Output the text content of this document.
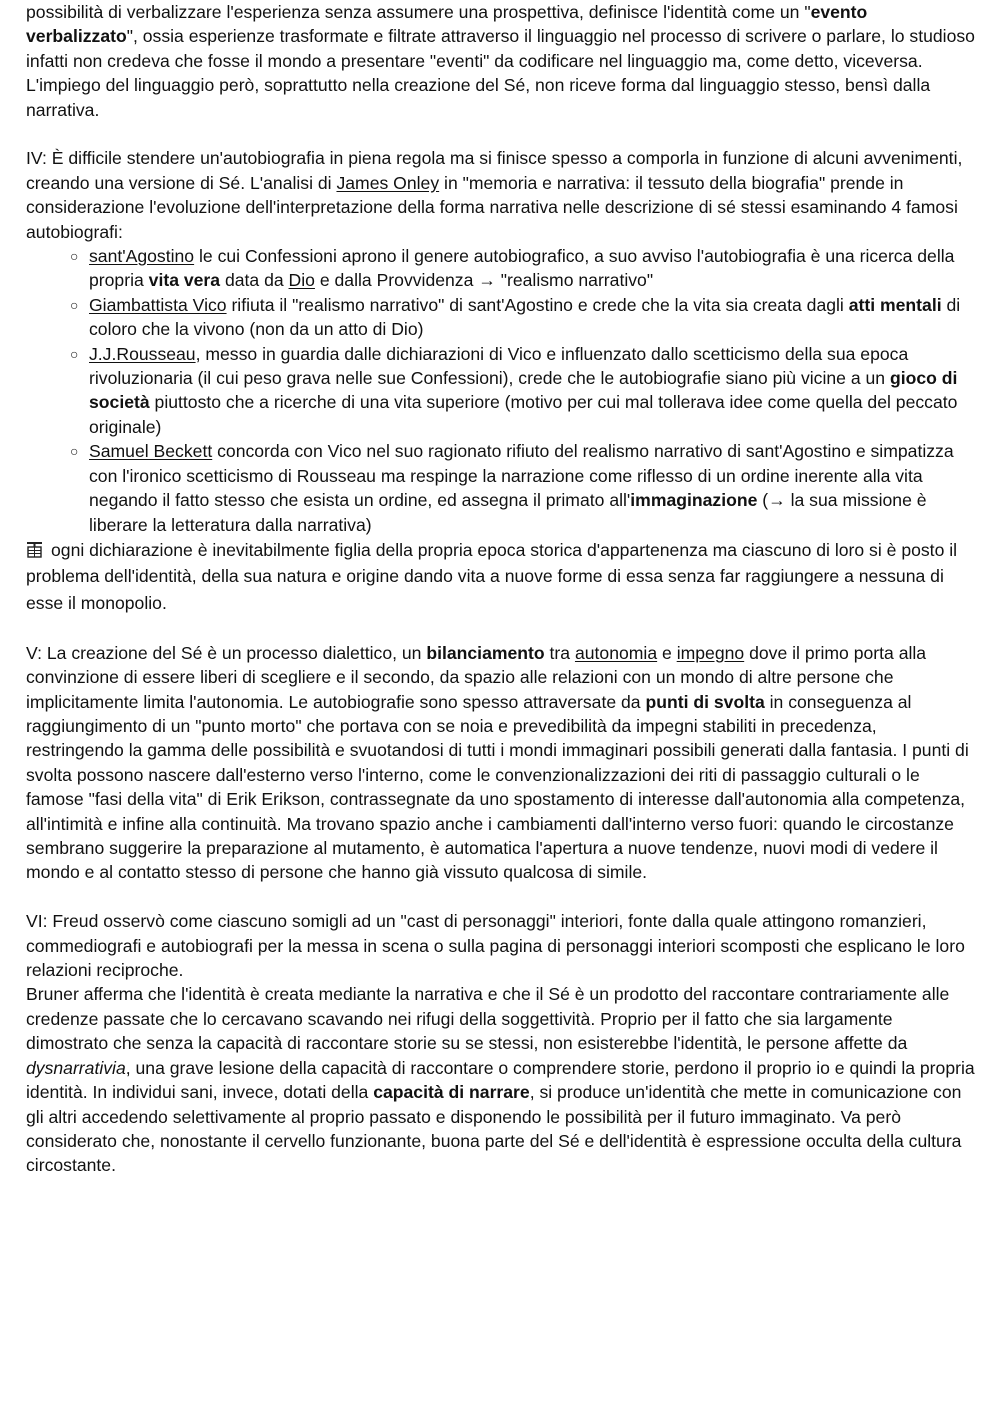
possibilità di verbalizzare l'esperienza senza assumere una prospettiva, definisce l'identità come un "evento verbalizzato", ossia esperienze trasformate e filtrate attraverso il linguaggio nel processo di scrivere o parlare, lo studioso infatti non credeva che fosse il mondo a presentare "eventi" da codificare nel linguaggio ma, come detto, viceversa. L'impiego del linguaggio però, soprattutto nella creazione del Sé, non riceve forma dal linguaggio stesso, bensì dalla narrativa.

IV: È difficile stendere un'autobiografia in piena regola ma si finisce spesso a comporla in funzione di alcuni avvenimenti, creando una versione di Sé. L'analisi di James Onley in "memoria e narrativa: il tessuto della biografia" prende in considerazione l'evoluzione dell'interpretazione della forma narrativa nelle descrizione di sé stessi esaminando 4 famosi autobiografi:

○ sant'Agostino le cui Confessioni aprono il genere autobiografico, a suo avviso l'autobiografia è una ricerca della propria vita vera data da Dio e dalla Provvidenza → "realismo narrativo"
○ Giambattista Vico rifiuta il "realismo narrativo" di sant'Agostino e crede che la vita sia creata dagli atti mentali di coloro che la vivono (non da un atto di Dio)
○ J.J.Rousseau, messo in guardia dalle dichiarazioni di Vico e influenzato dallo scetticismo della sua epoca rivoluzionaria (il cui peso grava nelle sue Confessioni), crede che le autobiografie siano più vicine a un gioco di società piuttosto che a ricerche di una vita superiore (motivo per cui mal tollerava idee come quella del peccato originale)
○ Samuel Beckett concorda con Vico nel suo ragionato rifiuto del realismo narrativo di sant'Agostino e simpatizza con l'ironico scetticismo di Rousseau ma respinge la narrazione come riflesso di un ordine inerente alla vita negando il fatto stesso che esista un ordine, ed assegna il primato all'immaginazione (→ la sua missione è liberare la letteratura dalla narrativa)

ogni dichiarazione è inevitabilmente figlia della propria epoca storica d'appartenenza ma ciascuno di loro si è posto il problema dell'identità, della sua natura e origine dando vita a nuove forme di essa senza far raggiungere a nessuna di esse il monopolio.

V: La creazione del Sé è un processo dialettico, un bilanciamento tra autonomia e impegno dove il primo porta alla convinzione di essere liberi di scegliere e il secondo, da spazio alle relazioni con un mondo di altre persone che implicitamente limita l'autonomia. Le autobiografie sono spesso attraversate da punti di svolta in conseguenza al raggiungimento di un "punto morto" che portava con se noia e prevedibilità da impegni stabiliti in precedenza, restringendo la gamma delle possibilità e svuotandosi di tutti i mondi immaginari possibili generati dalla fantasia. I punti di svolta possono nascere dall'esterno verso l'interno, come le convenzionalizzazioni dei riti di passaggio culturali o le famose "fasi della vita" di Erik Erikson, contrassegnate da uno spostamento di interesse dall'autonomia alla competenza, all'intimità e infine alla continuità. Ma trovano spazio anche i cambiamenti dall'interno verso fuori: quando le circostanze sembrano suggerire la preparazione al mutamento, è automatica l'apertura a nuove tendenze, nuovi modi di vedere il mondo e al contatto stesso di persone che hanno già vissuto qualcosa di simile.

VI: Freud osservò come ciascuno somigli ad un "cast di personaggi" interiori, fonte dalla quale attingono romanzieri, commediografi e autobiografi per la messa in scena o sulla pagina di personaggi interiori scomposti che esplicano le loro relazioni reciproche.

Bruner afferma che l'identità è creata mediante la narrativa e che il Sé è un prodotto del raccontare contrariamente alle credenze passate che lo cercavano scavando nei rifugi della soggettività. Proprio per il fatto che sia largamente dimostrato che senza la capacità di raccontare storie su se stessi, non esisterebbe l'identità, le persone affette da dysnarrativia, una grave lesione della capacità di raccontare o comprendere storie, perdono il proprio io e quindi la propria identità. In individui sani, invece, dotati della capacità di narrare, si produce un'identità che mette in comunicazione con gli altri accedendo selettivamente al proprio passato e disponendo le possibilità per il futuro immaginato. Va però considerato che, nonostante il cervello funzionante, buona parte del Sé e dell'identità è espressione occulta della cultura circostante.
